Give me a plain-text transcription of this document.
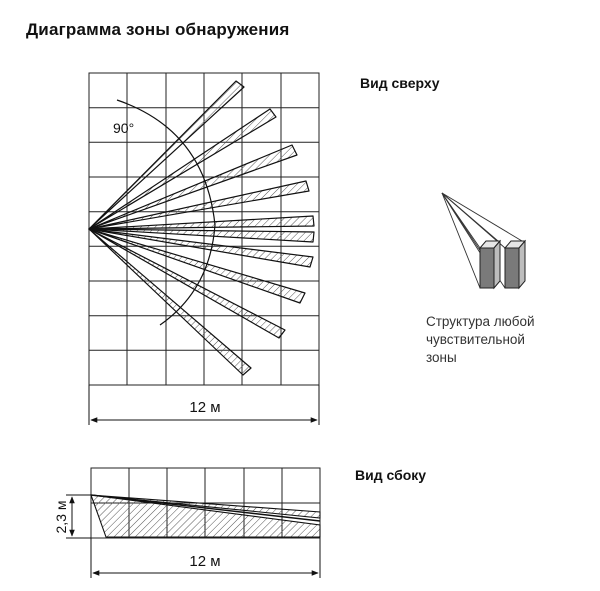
Диаграмма зоны обнаружения
Вид сверху
Вид сбоку
Структура любой
чувствительной
зоны
90°
12 м
2,3 м
12 м
